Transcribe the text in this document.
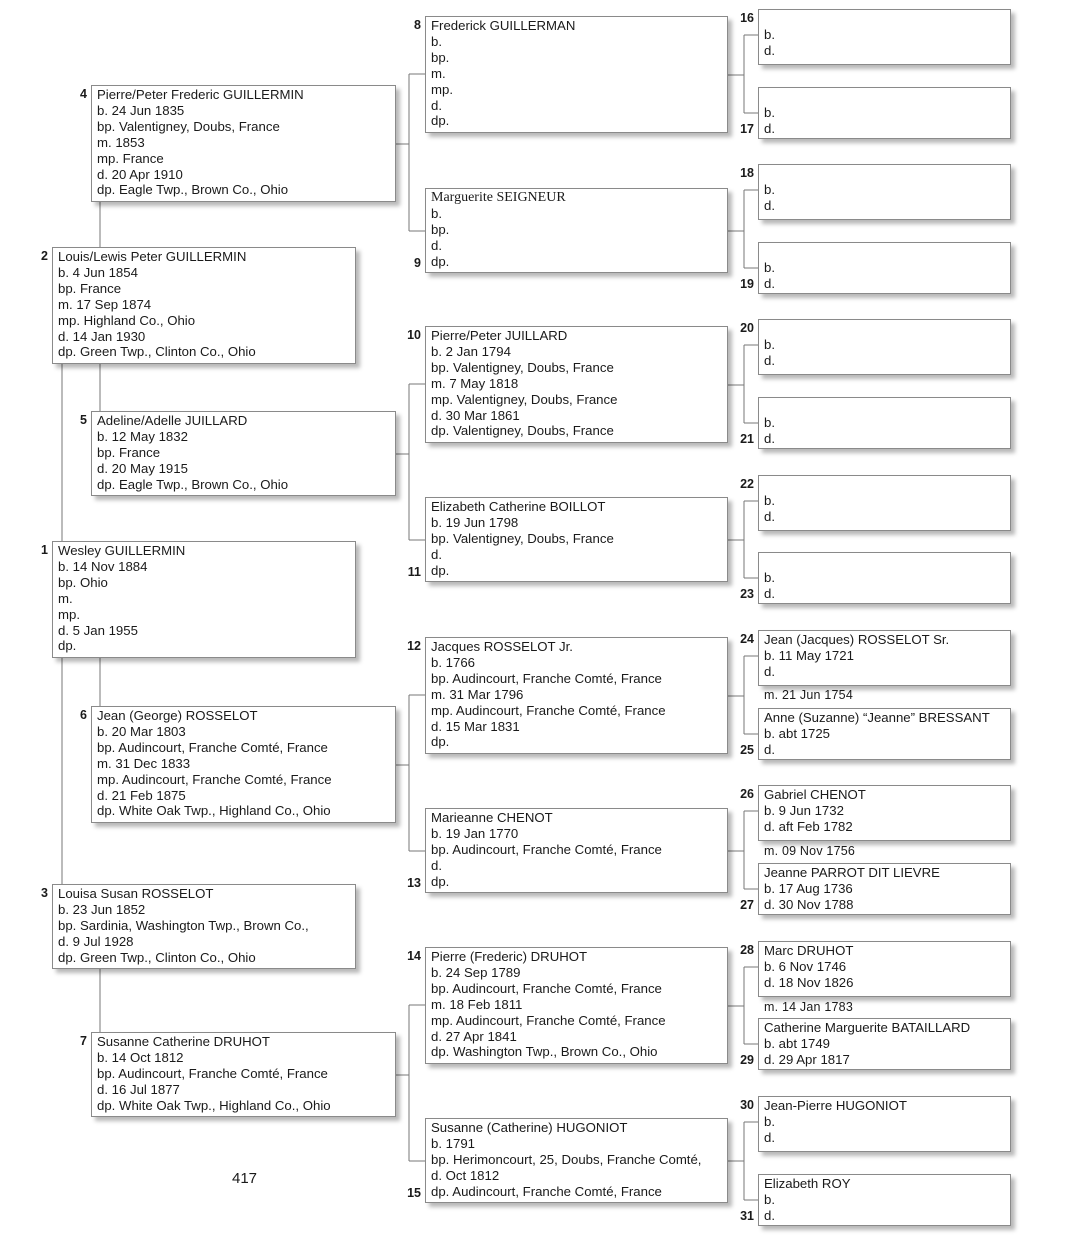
Wesley GUILLERMIN
b. 14 Nov 1884
bp. Ohio
m.
mp.
d. 5 Jan 1955
dp.
1
Louis/Lewis Peter GUILLERMIN
b. 4 Jun 1854
bp. France
m. 17 Sep 1874
mp. Highland Co., Ohio
d. 14 Jan 1930
dp. Green Twp., Clinton Co., Ohio
2
Louisa Susan ROSSELOT
b. 23 Jun 1852
bp. Sardinia, Washington Twp., Brown Co.,
d. 9 Jul 1928
dp. Green Twp., Clinton Co., Ohio
3
Pierre/Peter Frederic GUILLERMIN
b. 24 Jun 1835
bp. Valentigney, Doubs, France
m. 1853
mp. France
d. 20 Apr 1910
dp. Eagle Twp., Brown Co., Ohio
4
Adeline/Adelle JUILLARD
b. 12 May 1832
bp. France
d. 20 May 1915
dp. Eagle Twp., Brown Co., Ohio
5
Jean (George) ROSSELOT
b. 20 Mar 1803
bp. Audincourt, Franche Comté, France
m. 31 Dec 1833
mp. Audincourt, Franche Comté, France
d. 21 Feb 1875
dp. White Oak Twp., Highland Co., Ohio
6
Susanne Catherine DRUHOT
b. 14 Oct 1812
bp. Audincourt, Franche Comté, France
d. 16 Jul 1877
dp. White Oak Twp., Highland Co., Ohio
7
Frederick GUILLERMAN
b.
bp.
m.
mp.
d.
dp.
8
Marguerite SEIGNEUR
b.
bp.
d.
dp.
9
Pierre/Peter JUILLARD
b. 2 Jan 1794
bp. Valentigney, Doubs, France
m. 7 May 1818
mp. Valentigney, Doubs, France
d. 30 Mar 1861
dp. Valentigney, Doubs, France
10
Elizabeth Catherine BOILLOT
b. 19 Jun 1798
bp. Valentigney, Doubs, France
d.
dp.
11
Jacques ROSSELOT Jr.
b. 1766
bp. Audincourt, Franche Comté, France
m. 31 Mar 1796
mp. Audincourt, Franche Comté, France
d. 15 Mar 1831
dp.
12
Marieanne CHENOT
b. 19 Jan 1770
bp. Audincourt, Franche Comté, France
d.
dp.
13
Pierre (Frederic) DRUHOT
b. 24 Sep 1789
bp. Audincourt, Franche Comté, France
m. 18 Feb 1811
mp. Audincourt, Franche Comté, France
d. 27 Apr 1841
dp. Washington Twp., Brown Co., Ohio
14
Susanne (Catherine) HUGONIOT
b. 1791
bp. Herimoncourt, 25, Doubs, Franche Comté,
d. Oct 1812
dp. Audincourt, Franche Comté, France
15
b.
d.
16
b.
d.
17
b.
d.
18
b.
d.
19
b.
d.
20
b.
d.
21
b.
d.
22
b.
d.
23
Jean (Jacques) ROSSELOT Sr.
b. 11 May 1721
d.
24
Anne (Suzanne) “Jeanne” BRESSANT
b. abt 1725
d.
25
Gabriel CHENOT
b. 9 Jun 1732
d. aft Feb 1782
26
Jeanne PARROT DIT LIEVRE
b. 17 Aug 1736
d. 30 Nov 1788
27
Marc DRUHOT
b. 6 Nov 1746
d. 18 Nov 1826
28
Catherine Marguerite BATAILLARD
b. abt 1749
d. 29 Apr 1817
29
Jean-Pierre HUGONIOT
b.
d.
30
Elizabeth ROY
b.
d.
31
m. 21 Jun 1754
m. 09 Nov 1756
m. 14 Jan 1783
417
